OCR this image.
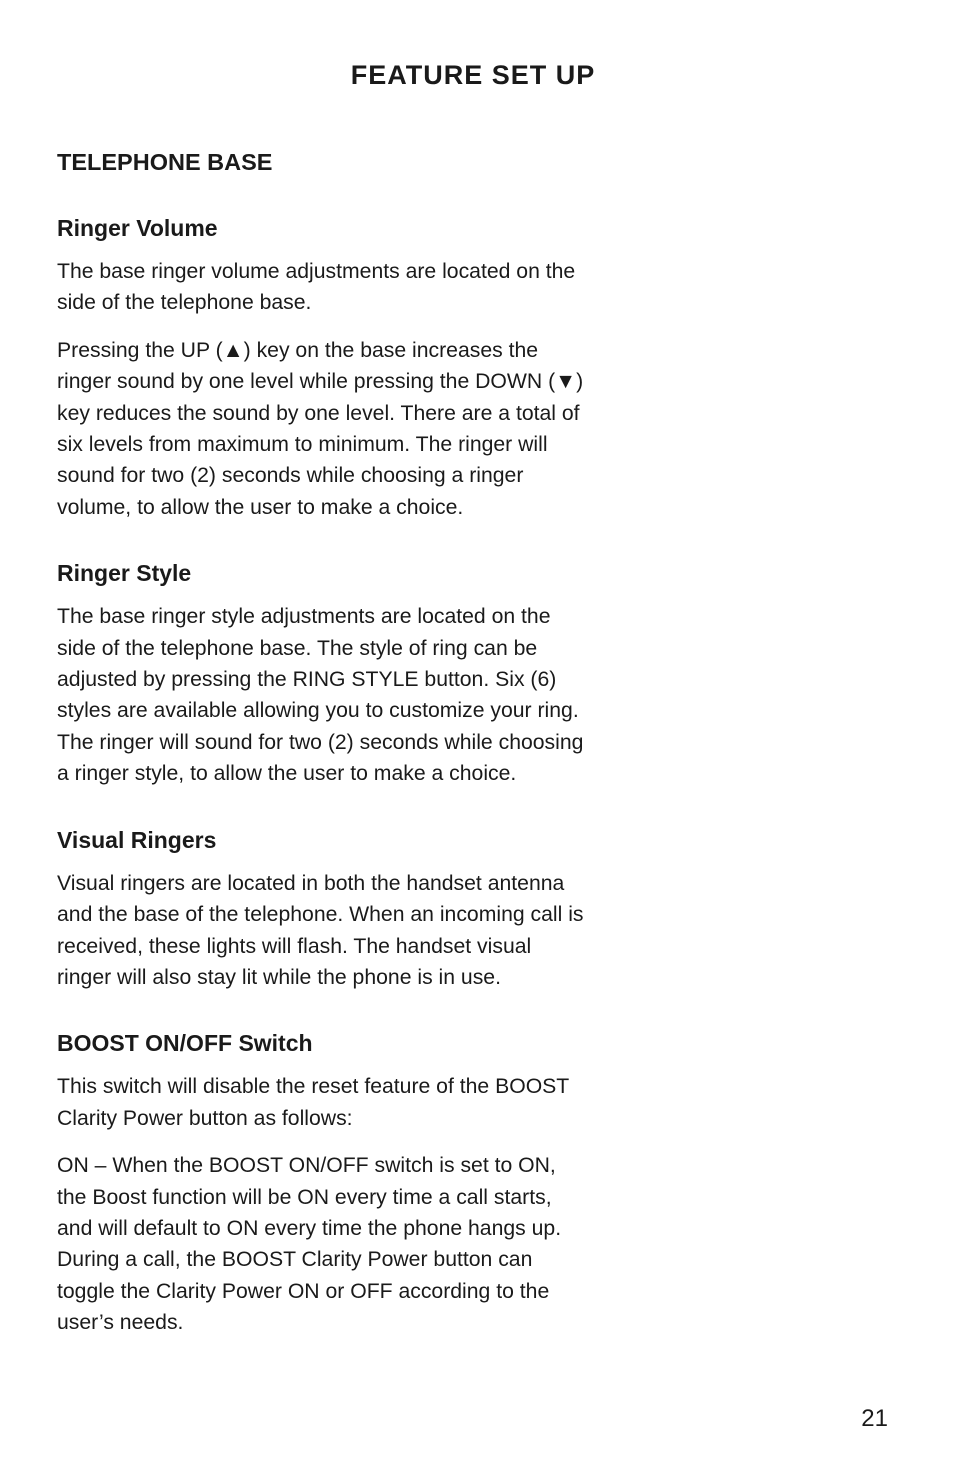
FEATURE SET UP
TELEPHONE BASE
Ringer Volume

The base ringer volume adjustments are located on the side of the telephone base.

Pressing the UP (▲) key on the base increases the ringer sound by one level while pressing the DOWN (▼) key reduces the sound by one level. There are a total of six levels from maximum to minimum. The ringer will sound for two (2) seconds while choosing a ringer volume, to allow the user to make a choice.

Ringer Style

The base ringer style adjustments are located on the side of the telephone base. The style of ring can be adjusted by pressing the RING STYLE button. Six (6) styles are available allowing you to customize your ring. The ringer will sound for two (2) seconds while choosing a ringer style, to allow the user to make a choice.

Visual Ringers

Visual ringers are located in both the handset antenna and the base of the telephone. When an incoming call is received, these lights will flash. The handset visual ringer will also stay lit while the phone is in use.

BOOST ON/OFF Switch

This switch will disable the reset feature of the BOOST Clarity Power button as follows:

ON – When the BOOST ON/OFF switch is set to ON, the Boost function will be ON every time a call starts, and will default to ON every time the phone hangs up. During a call, the BOOST Clarity Power button can toggle the Clarity Power ON or OFF according to the user’s needs.

21
